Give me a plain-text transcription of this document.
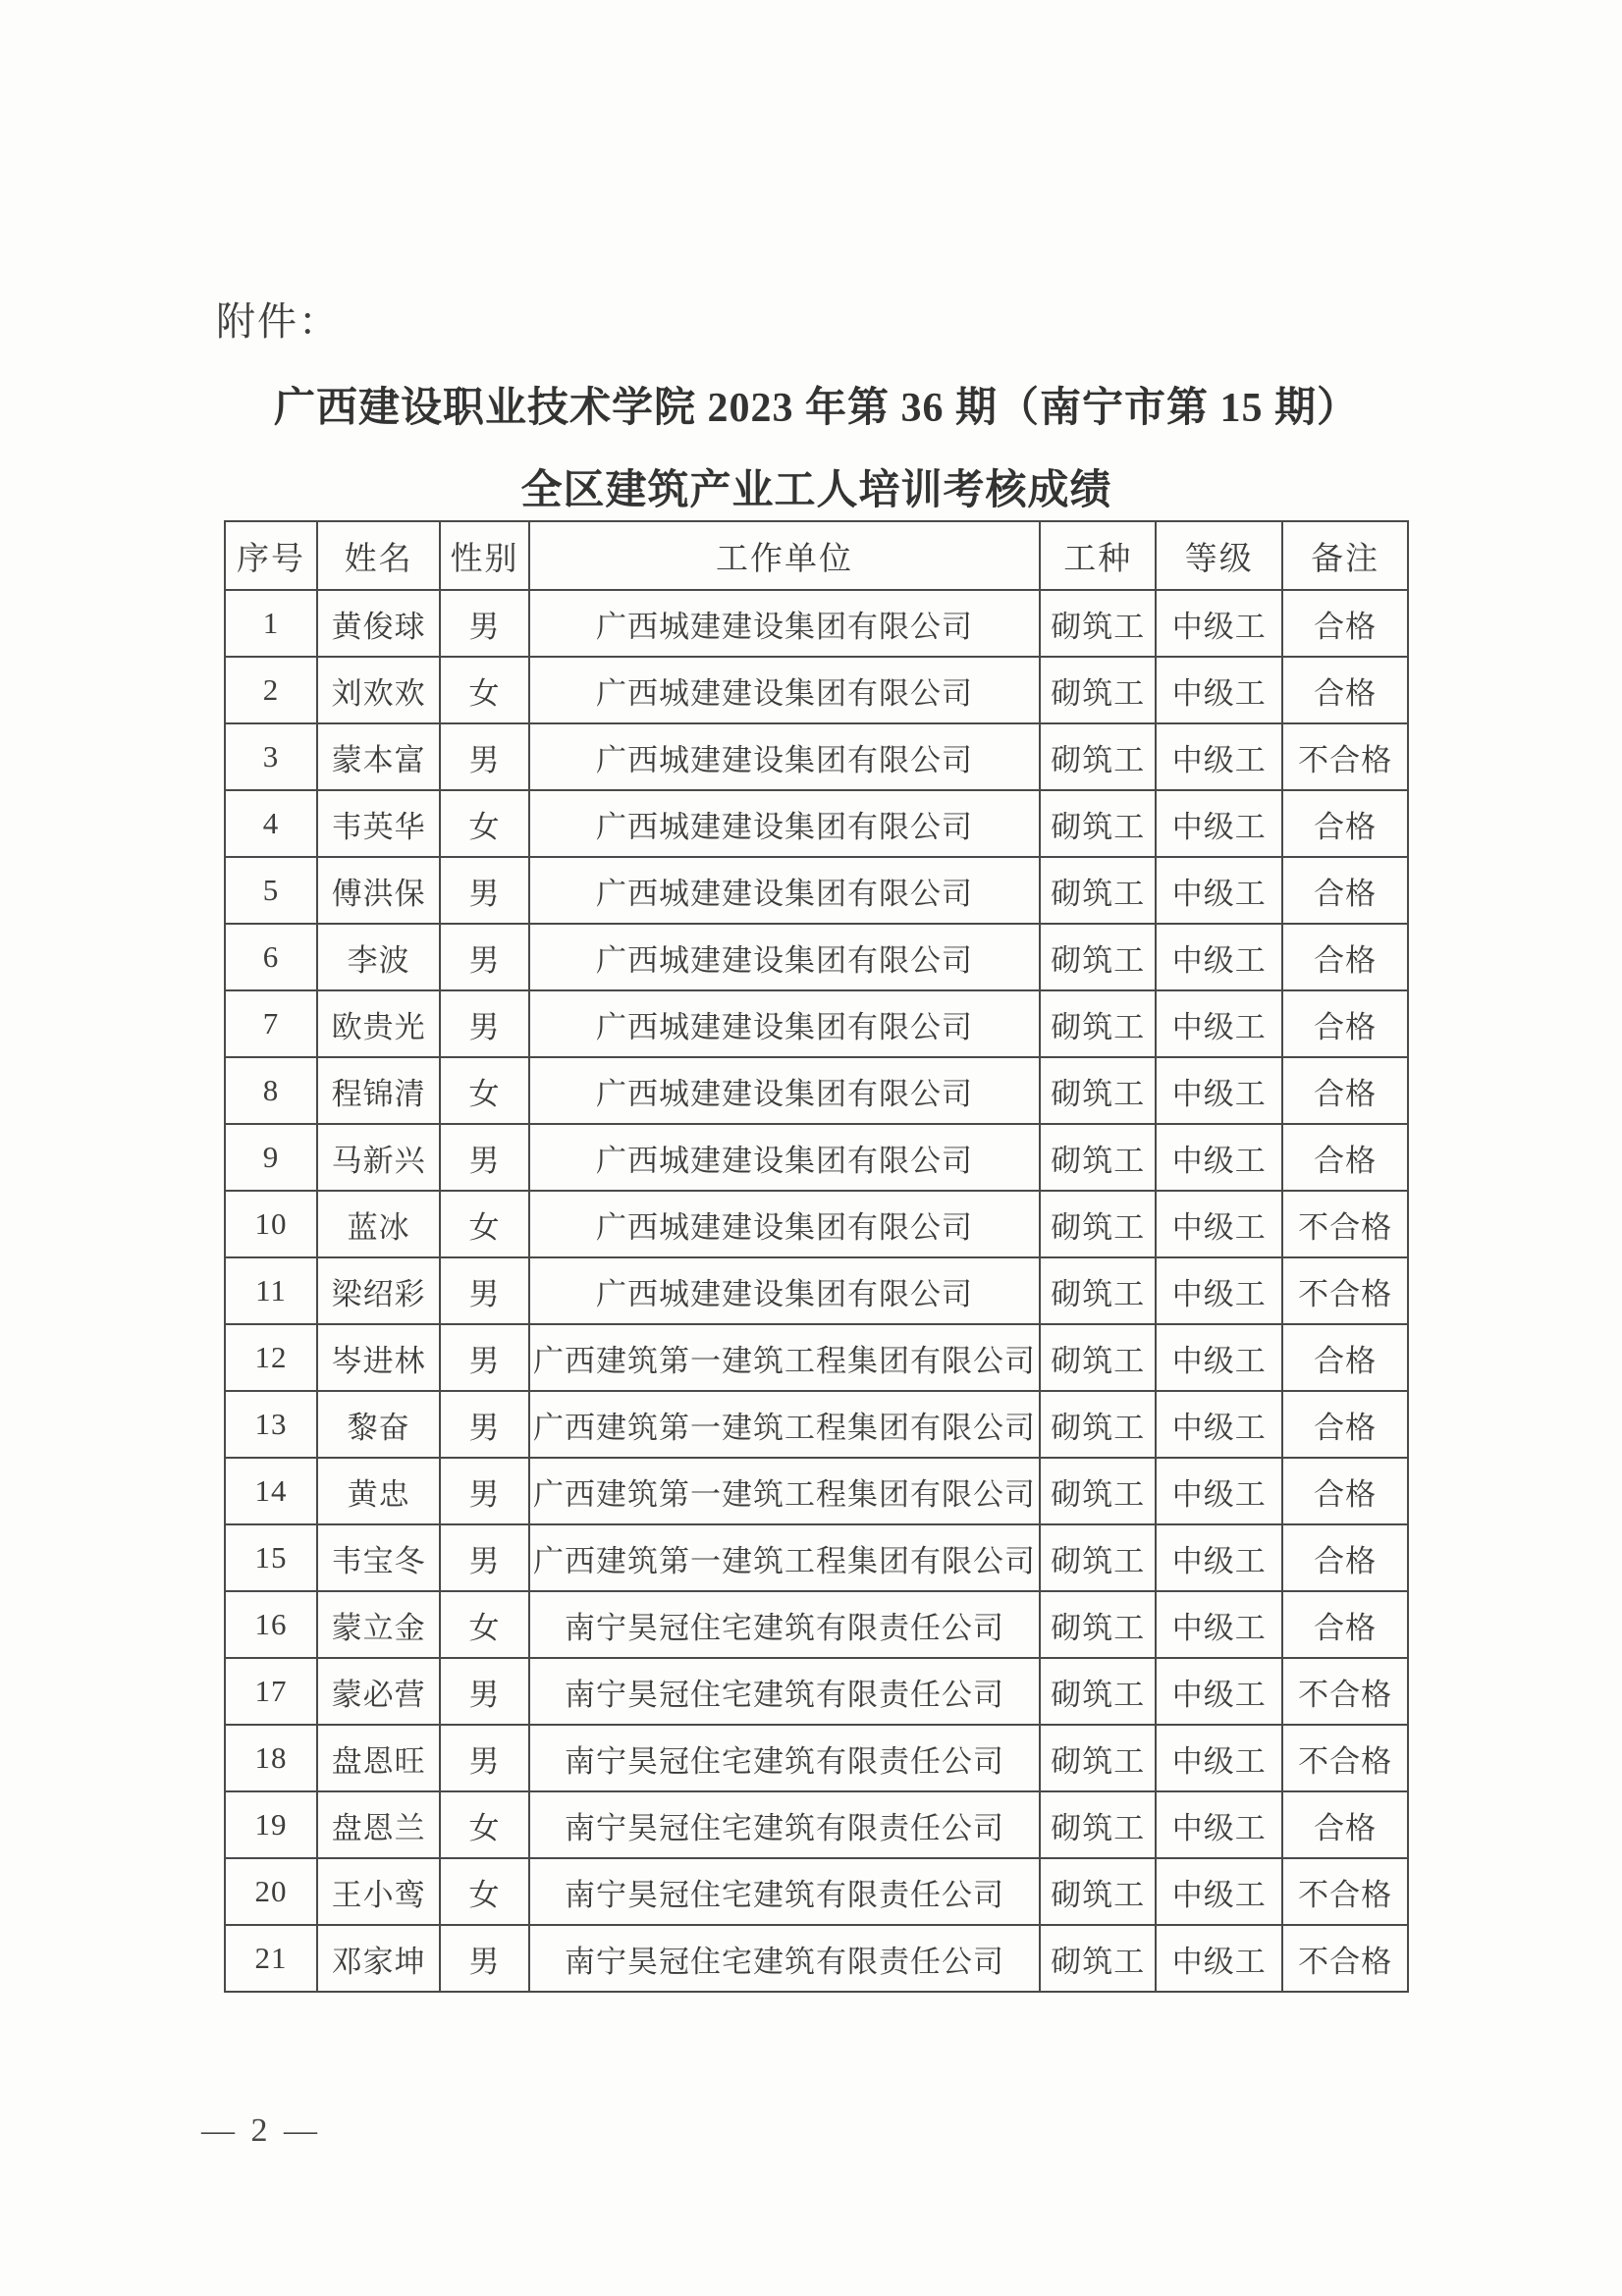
附件：
广西建设职业技术学院 2023 年第 36 期（南宁市第 15 期）
全区建筑产业工人培训考核成绩
序号	姓名	性别	工作单位	工种	等级	备注
1	黄俊球	男	广西城建建设集团有限公司	砌筑工	中级工	合格
2	刘欢欢	女	广西城建建设集团有限公司	砌筑工	中级工	合格
3	蒙本富	男	广西城建建设集团有限公司	砌筑工	中级工	不合格
4	韦英华	女	广西城建建设集团有限公司	砌筑工	中级工	合格
5	傅洪保	男	广西城建建设集团有限公司	砌筑工	中级工	合格
6	李波	男	广西城建建设集团有限公司	砌筑工	中级工	合格
7	欧贵光	男	广西城建建设集团有限公司	砌筑工	中级工	合格
8	程锦清	女	广西城建建设集团有限公司	砌筑工	中级工	合格
9	马新兴	男	广西城建建设集团有限公司	砌筑工	中级工	合格
10	蓝冰	女	广西城建建设集团有限公司	砌筑工	中级工	不合格
11	梁绍彩	男	广西城建建设集团有限公司	砌筑工	中级工	不合格
12	岑进林	男	广西建筑第一建筑工程集团有限公司	砌筑工	中级工	合格
13	黎奋	男	广西建筑第一建筑工程集团有限公司	砌筑工	中级工	合格
14	黄忠	男	广西建筑第一建筑工程集团有限公司	砌筑工	中级工	合格
15	韦宝冬	男	广西建筑第一建筑工程集团有限公司	砌筑工	中级工	合格
16	蒙立金	女	南宁昊冠住宅建筑有限责任公司	砌筑工	中级工	合格
17	蒙必营	男	南宁昊冠住宅建筑有限责任公司	砌筑工	中级工	不合格
18	盘恩旺	男	南宁昊冠住宅建筑有限责任公司	砌筑工	中级工	不合格
19	盘恩兰	女	南宁昊冠住宅建筑有限责任公司	砌筑工	中级工	合格
20	王小鸾	女	南宁昊冠住宅建筑有限责任公司	砌筑工	中级工	不合格
21	邓家坤	男	南宁昊冠住宅建筑有限责任公司	砌筑工	中级工	不合格
— 2 —
